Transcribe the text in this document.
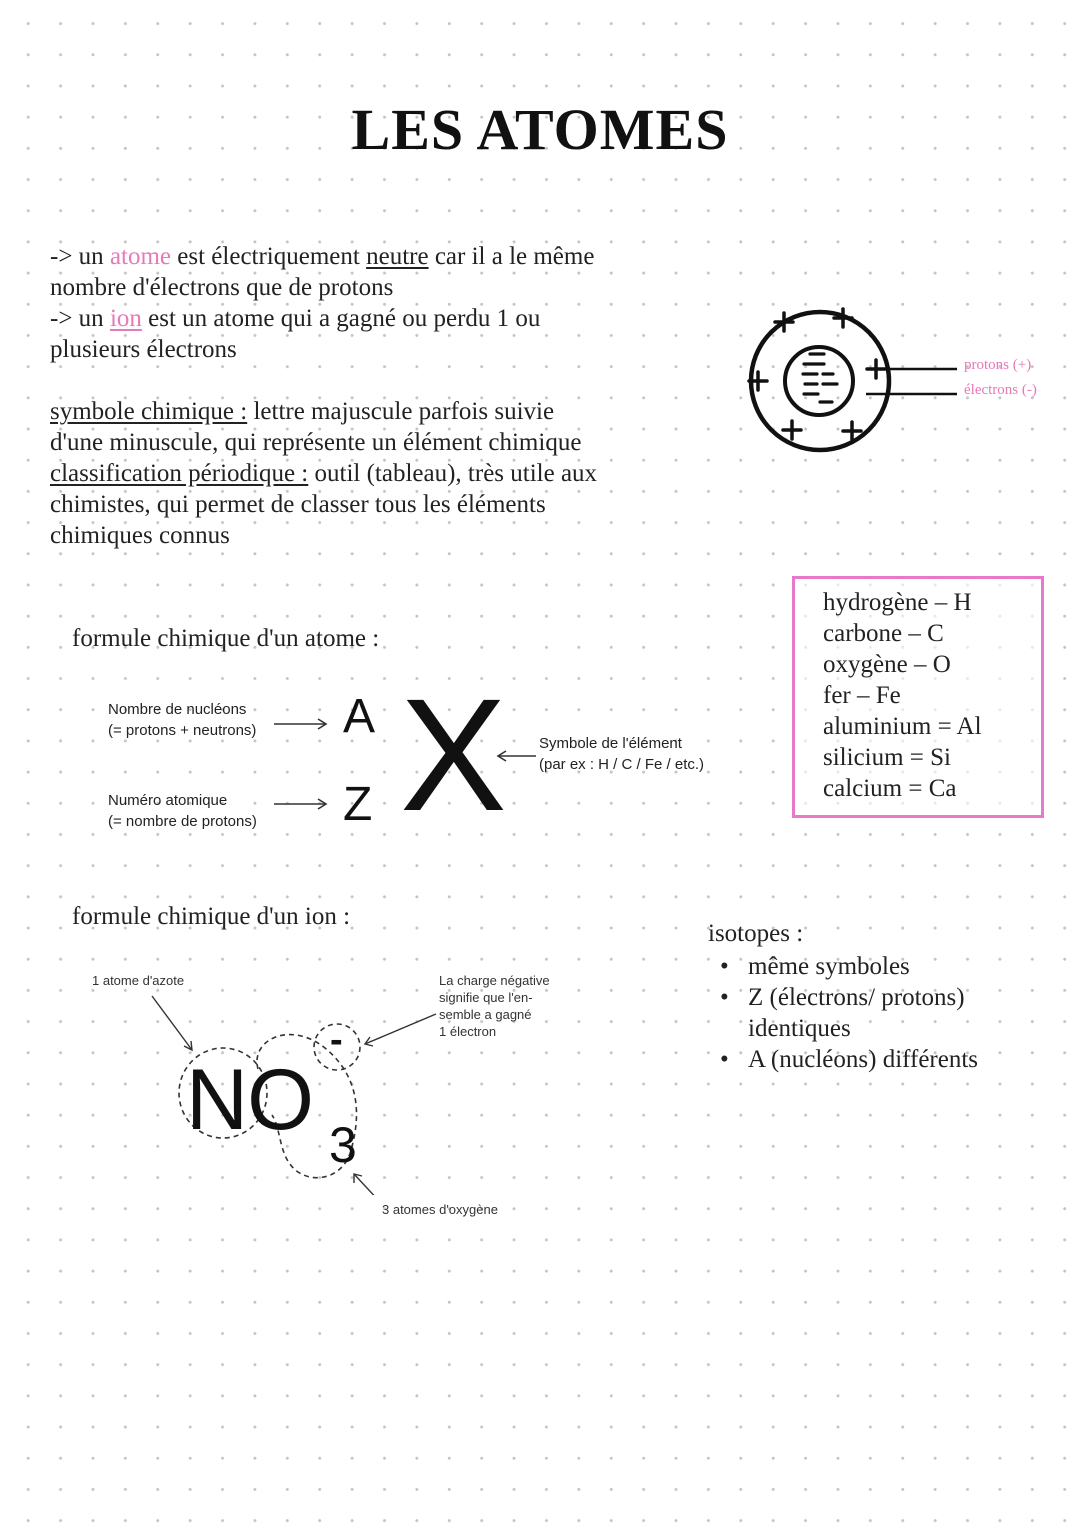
LES ATOMES
-> un atome est électriquement neutre car il a le même
nombre d'électrons que de protons
-> un ion est un atome qui a gagné ou perdu 1 ou
plusieurs électrons
symbole chimique : lettre majuscule parfois suivie
d'une minuscule, qui représente un élément chimique
classification périodique : outil (tableau), très utile aux
chimistes, qui permet de classer tous les éléments
chimiques connus
protons (+)
électrons (-)
hydrogène – H
carbone – C
oxygène – O
fer – Fe
aluminium = Al
silicium = Si
calcium = Ca
formule chimique d'un atome :
Nombre de nucléons
(= protons + neutrons)
Numéro atomique
(= nombre de protons)
A
Z X Symbole de l'élément
(par ex : H / C / Fe / etc.)
formule chimique d'un ion :
1 atome d'azote	La charge négative
signifie que l'en-
semble a gagné
1 électron
NO 3
-
3 atomes d'oxygène
isotopes :
• même symboles
• Z (électrons/ protons) identiques
• A (nucléons) différents
